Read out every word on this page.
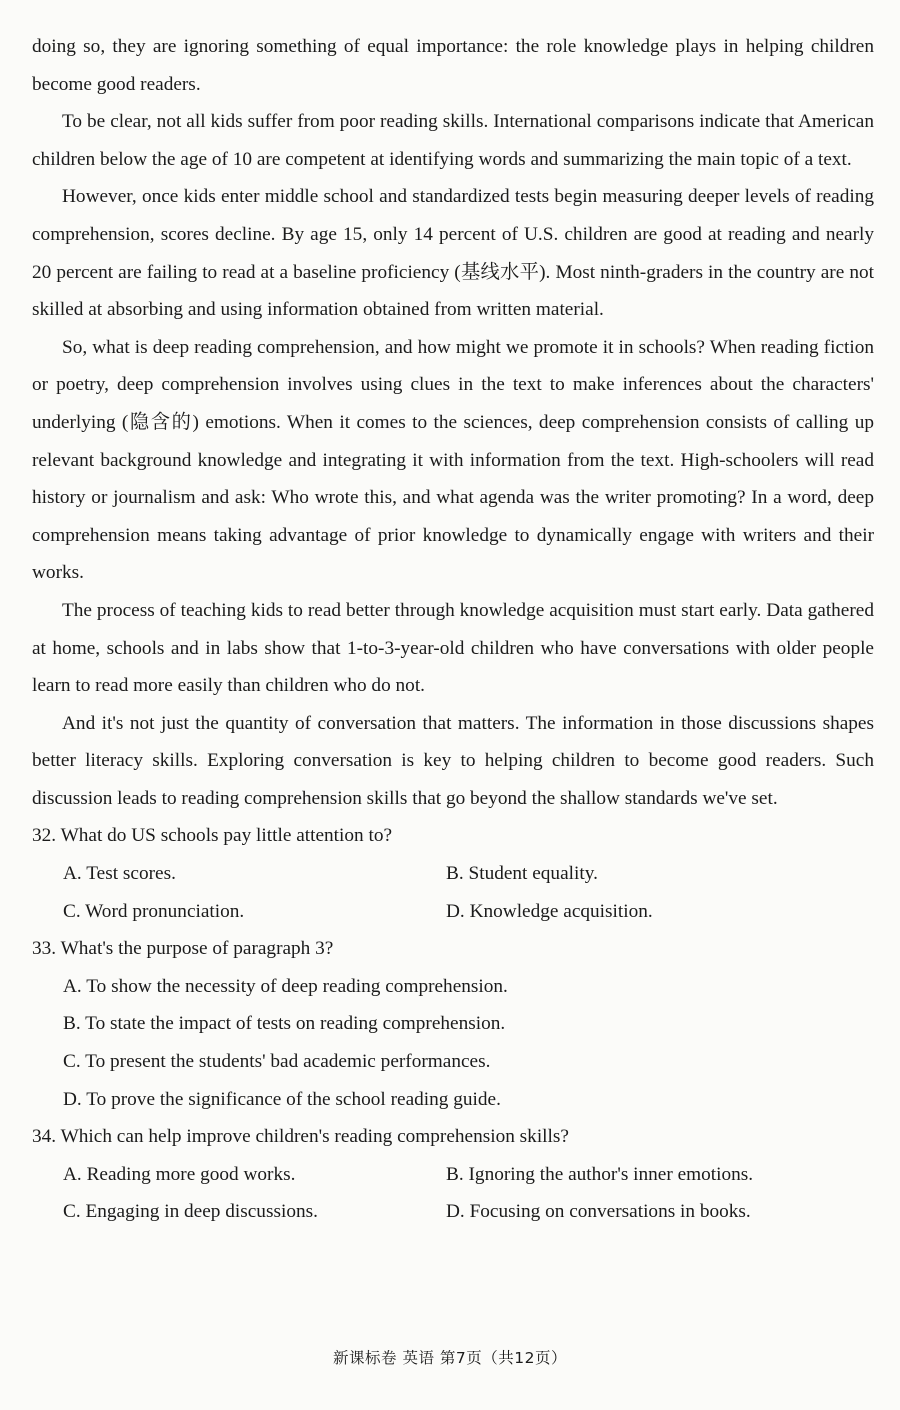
doing so, they are ignoring something of equal importance: the role knowledge plays in helping children become good readers.

To be clear, not all kids suffer from poor reading skills. International comparisons indicate that American children below the age of 10 are competent at identifying words and summarizing the main topic of a text.

However, once kids enter middle school and standardized tests begin measuring deeper levels of reading comprehension, scores decline. By age 15, only 14 percent of U.S. children are good at reading and nearly 20 percent are failing to read at a baseline proficiency (基线水平). Most ninth-graders in the country are not skilled at absorbing and using information obtained from written material.

So, what is deep reading comprehension, and how might we promote it in schools? When reading fiction or poetry, deep comprehension involves using clues in the text to make inferences about the characters' underlying (隐含的) emotions. When it comes to the sciences, deep comprehension consists of calling up relevant background knowledge and integrating it with information from the text. High-schoolers will read history or journalism and ask: Who wrote this, and what agenda was the writer promoting? In a word, deep comprehension means taking advantage of prior knowledge to dynamically engage with writers and their works.

The process of teaching kids to read better through knowledge acquisition must start early. Data gathered at home, schools and in labs show that 1-to-3-year-old children who have conversations with older people learn to read more easily than children who do not.

And it's not just the quantity of conversation that matters. The information in those discussions shapes better literacy skills. Exploring conversation is key to helping children to become good readers. Such discussion leads to reading comprehension skills that go beyond the shallow standards we've set.

32. What do US schools pay little attention to?

A. Test scores.	B. Student equality.
C. Word pronunciation.	D. Knowledge acquisition.

33. What's the purpose of paragraph 3?

A. To show the necessity of deep reading comprehension.
B. To state the impact of tests on reading comprehension.
C. To present the students' bad academic performances.
D. To prove the significance of the school reading guide.

34. Which can help improve children's reading comprehension skills?

A. Reading more good works.	B. Ignoring the author's inner emotions.
C. Engaging in deep discussions.	D. Focusing on conversations in books.
新课标卷 英语 第7页（共12页）
